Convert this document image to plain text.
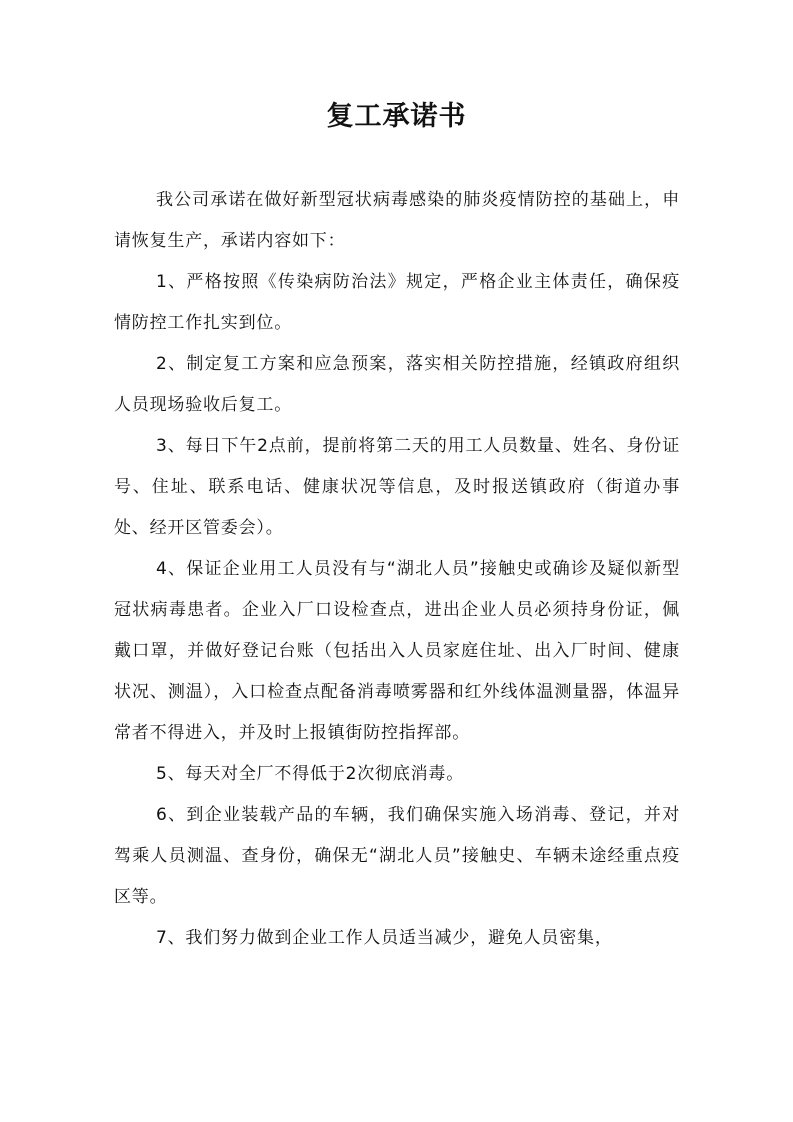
复工承诺书

我公司承诺在做好新型冠状病毒感染的肺炎疫情防控的基础上，申请恢复生产，承诺内容如下：

1、严格按照《传染病防治法》规定，严格企业主体责任，确保疫情防控工作扎实到位。

2、制定复工方案和应急预案，落实相关防控措施，经镇政府组织人员现场验收后复工。

3、每日下午2点前，提前将第二天的用工人员数量、姓名、身份证号、住址、联系电话、健康状况等信息，及时报送镇政府（街道办事处、经开区管委会）。

4、保证企业用工人员没有与“湖北人员”接触史或确诊及疑似新型冠状病毒患者。企业入厂口设检查点，进出企业人员必须持身份证，佩戴口罩，并做好登记台账（包括出入人员家庭住址、出入厂时间、健康状况、测温），入口检查点配备消毒喷雾器和红外线体温测量器，体温异常者不得进入，并及时上报镇街防控指挥部。

5、每天对全厂不得低于2次彻底消毒。

6、到企业装载产品的车辆，我们确保实施入场消毒、登记，并对驾乘人员测温、查身份，确保无“湖北人员”接触史、车辆未途经重点疫区等。

7、我们努力做到企业工作人员适当减少，避免人员密集，
